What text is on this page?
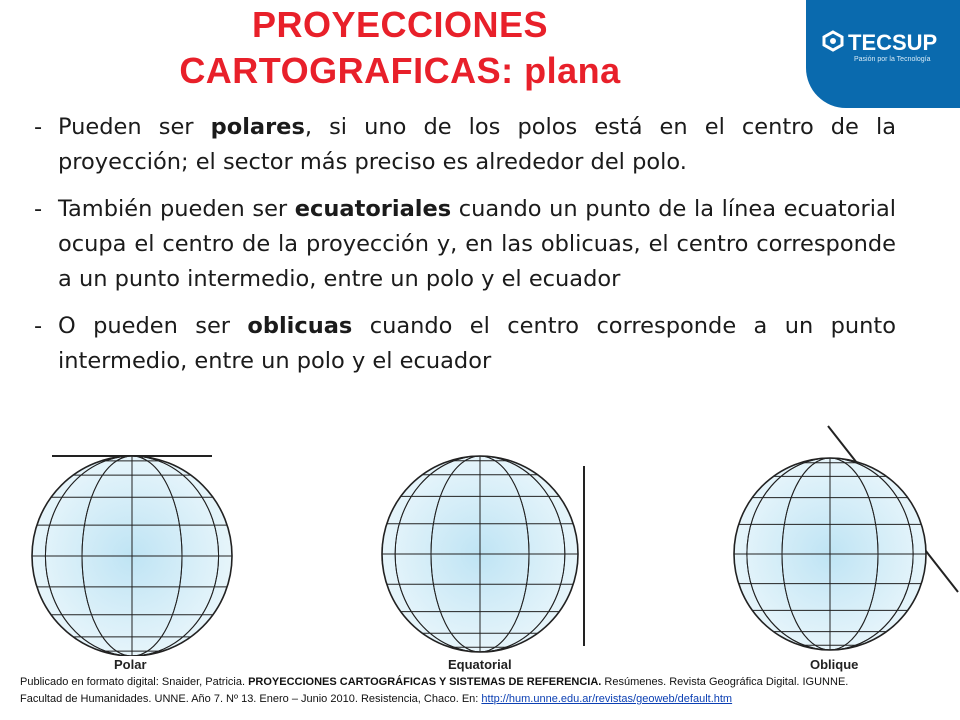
PROYECCIONES
CARTOGRAFICAS: plana
TECSUP
Pasión por la Tecnología
- Pueden ser polares, si uno de los polos está en el centro de la proyección; el sector más preciso es alrededor del polo.
- También pueden ser ecuatoriales cuando un punto de la línea ecuatorial ocupa el centro de la proyección y, en las oblicuas, el centro corresponde a un punto intermedio, entre un polo y el ecuador
- O pueden ser oblicuas cuando el centro corresponde a un punto intermedio, entre un polo y el ecuador
Polar	Equatorial	Oblique
Publicado en formato digital: Snaider, Patricia. PROYECCIONES CARTOGRÁFICAS Y SISTEMAS DE REFERENCIA. Resúmenes. Revista Geográfica Digital. IGUNNE.
Facultad de Humanidades. UNNE. Año 7. Nº 13. Enero – Junio 2010. Resistencia, Chaco. En: http://hum.unne.edu.ar/revistas/geoweb/default.htm
